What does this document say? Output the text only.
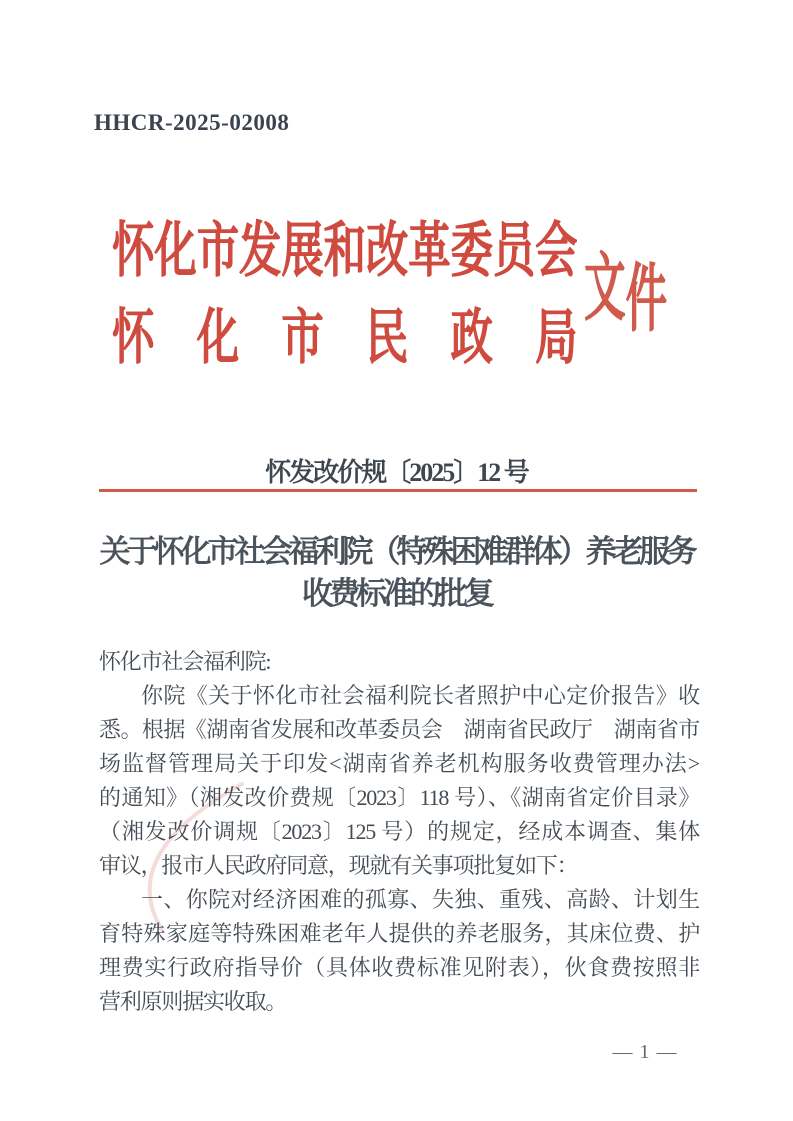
HHCR-2025-02008
怀化市发展和改革委员会
怀　化　市　民　政　局
文件
怀发改价规〔2025〕12 号
关于怀化市社会福利院（特殊困难群体）养老服务
收费标准的批复
怀化市社会福利院:
你院《关于怀化市社会福利院长者照护中心定价报告》收
悉。根据《湖南省发展和改革委员会　湖南省民政厅　湖南省市
场监督管理局关于印发<湖南省养老机构服务收费管理办法>
的通知》（湘发改价费规〔2023〕118 号）、《湖南省定价目录》
（湘发改价调规〔2023〕125 号）的规定，经成本调查、集体
审议，报市人民政府同意，现就有关事项批复如下：
一、你院对经济困难的孤寡、失独、重残、高龄、计划生
育特殊家庭等特殊困难老年人提供的养老服务，其床位费、护
理费实行政府指导价（具体收费标准见附表），伙食费按照非
营利原则据实收取。
— 1 —
